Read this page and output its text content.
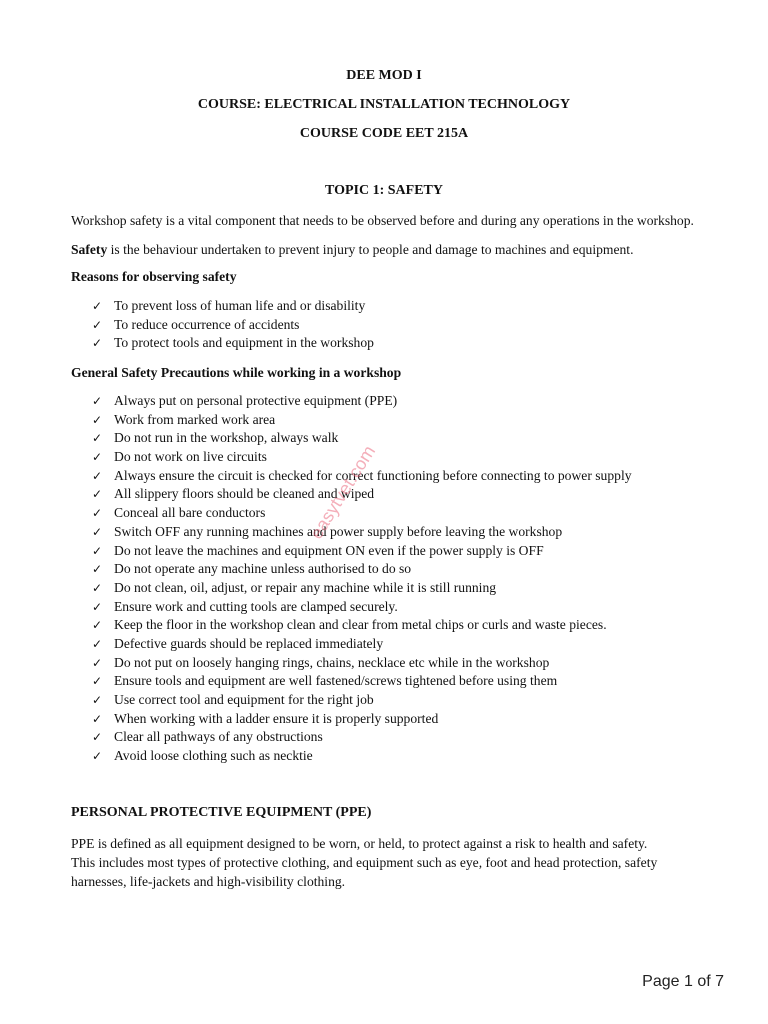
DEE MOD I
COURSE: ELECTRICAL INSTALLATION TECHNOLOGY
COURSE CODE EET 215A
TOPIC 1: SAFETY
Workshop safety is a vital component that needs to be observed before and during any operations in the workshop.
Safety is the behaviour undertaken to prevent injury to people and damage to machines and equipment.
Reasons for observing safety
✓ To prevent loss of human life and or disability
✓ To reduce occurrence of accidents
✓ To protect tools and equipment in the workshop
General Safety Precautions while working in a workshop
✓ Always put on personal protective equipment (PPE)
✓ Work from marked work area
✓ Do not run in the workshop, always walk
✓ Do not work on live circuits
✓ Always ensure the circuit is checked for correct functioning before connecting to power supply
✓ All slippery floors should be cleaned and wiped
✓ Conceal all bare conductors
✓ Switch OFF any running machines and power supply before leaving the workshop
✓ Do not leave the machines and equipment ON even if the power supply is OFF
✓ Do not operate any machine unless authorised to do so
✓ Do not clean, oil, adjust, or repair any machine while it is still running
✓ Ensure work and cutting tools are clamped securely.
✓ Keep the floor in the workshop clean and clear from metal chips or curls and waste pieces.
✓ Defective guards should be replaced immediately
✓ Do not put on loosely hanging rings, chains, necklace etc while in the workshop
✓ Ensure tools and equipment are well fastened/screws tightened before using them
✓ Use correct tool and equipment for the right job
✓ When working with a ladder ensure it is properly supported
✓ Clear all pathways of any obstructions
✓ Avoid loose clothing such as necktie
PERSONAL PROTECTIVE EQUIPMENT (PPE)
PPE is defined as all equipment designed to be worn, or held, to protect against a risk to health and safety.
This includes most types of protective clothing, and equipment such as eye, foot and head protection, safety
harnesses, life-jackets and high-visibility clothing.
easytvet.com
Page 1 of 7
